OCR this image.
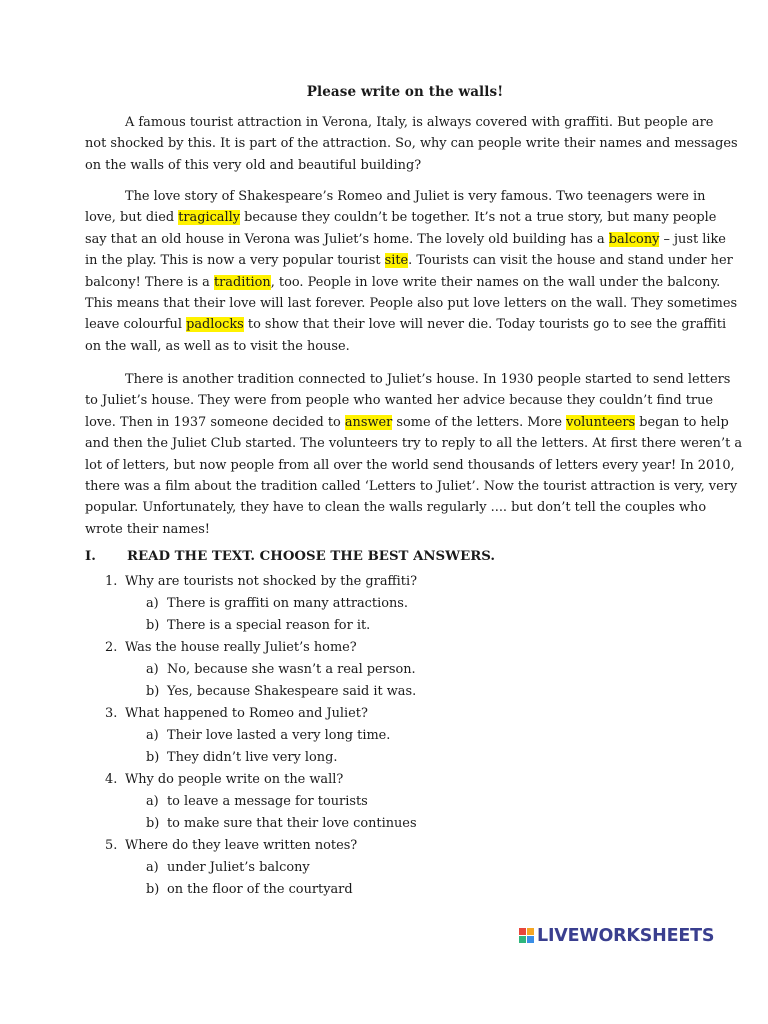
Please write on the walls!
A famous tourist attraction in Verona, Italy, is always covered with graffiti. But people are
not shocked by this. It is part of the attraction. So, why can people write their names and messages
on the walls of this very old and beautiful building?
The love story of Shakespeare’s Romeo and Juliet is very famous. Two teenagers were in
love, but died tragically because they couldn’t be together. It’s not a true story, but many people
say that an old house in Verona was Juliet’s home. The lovely old building has a balcony – just like
in the play. This is now a very popular tourist site. Tourists can visit the house and stand under her
balcony! There is a tradition, too. People in love write their names on the wall under the balcony.
This means that their love will last forever. People also put love letters on the wall. They sometimes
leave colourful padlocks to show that their love will never die. Today tourists go to see the graffiti
on the wall, as well as to visit the house.
There is another tradition connected to Juliet’s house. In 1930 people started to send letters
to Juliet’s house. They were from people who wanted her advice because they couldn’t find true
love. Then in 1937 someone decided to answer some of the letters. More volunteers began to help
and then the Juliet Club started. The volunteers try to reply to all the letters. At first there weren’t a
lot of letters, but now people from all over the world send thousands of letters every year! In 2010,
there was a film about the tradition called ‘Letters to Juliet’. Now the tourist attraction is very, very
popular. Unfortunately, they have to clean the walls regularly .... but don’t tell the couples who
wrote their names!
I. READ THE TEXT. CHOOSE THE BEST ANSWERS.
1. Why are tourists not shocked by the graffiti?
a) There is graffiti on many attractions.
b) There is a special reason for it.
2. Was the house really Juliet’s home?
a) No, because she wasn’t a real person.
b) Yes, because Shakespeare said it was.
3. What happened to Romeo and Juliet?
a) Their love lasted a very long time.
b) They didn’t live very long.
4. Why do people write on the wall?
a) to leave a message for tourists
b) to make sure that their love continues
5. Where do they leave written notes?
a) under Juliet’s balcony
b) on the floor of the courtyard
LIVEWORKSHEETS
